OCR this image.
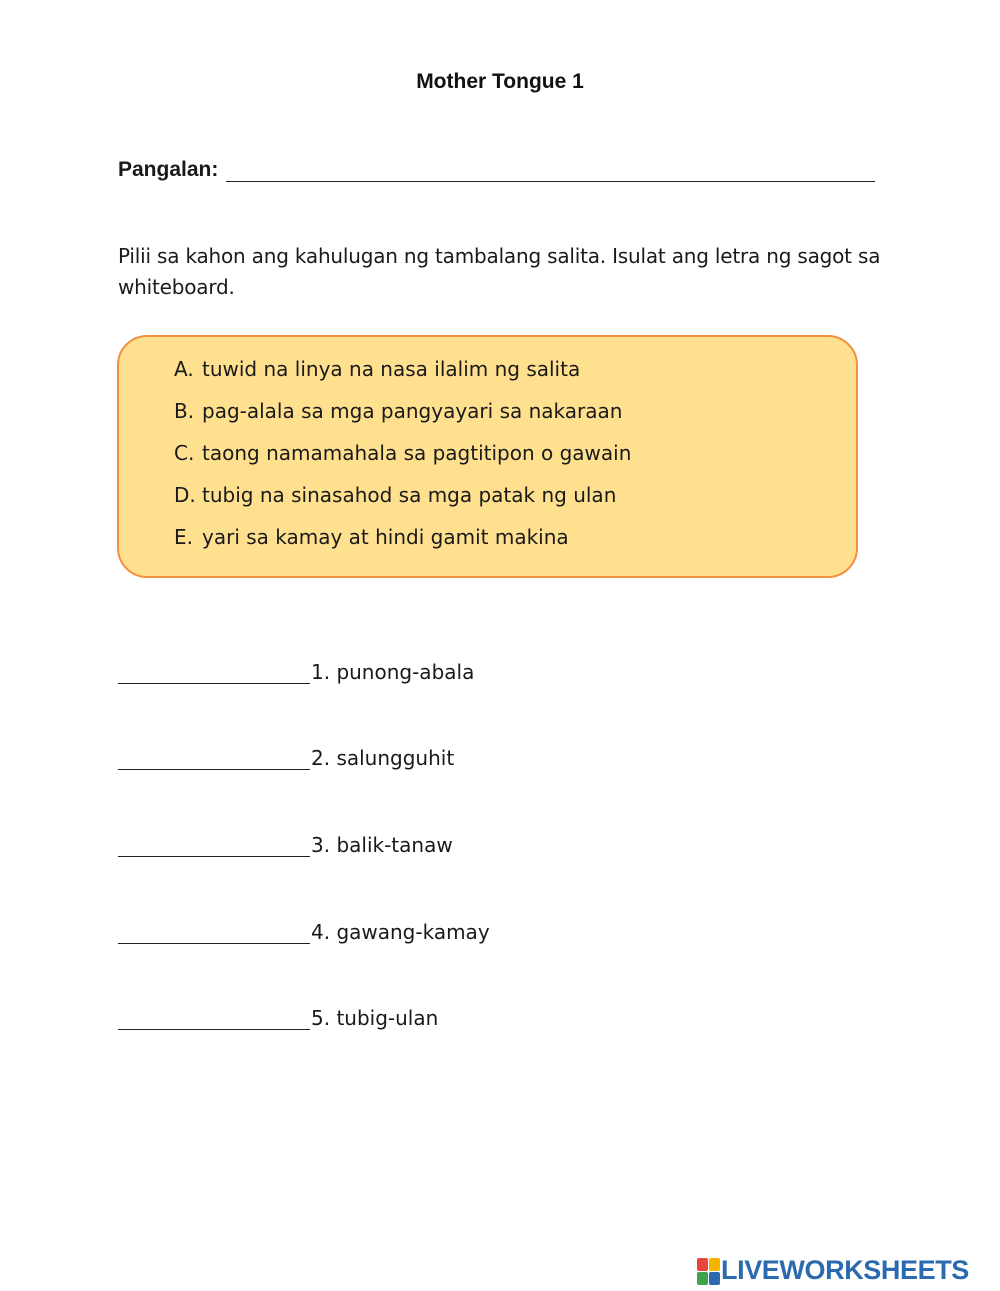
Mother Tongue 1
Pangalan:
Pilii sa kahon ang kahulugan ng tambalang salita. Isulat ang letra ng sagot sa whiteboard.
A. tuwid na linya na nasa ilalim ng salita
B. pag-alala sa mga pangyayari sa nakaraan
C. taong namamahala sa pagtitipon o gawain
D. tubig na sinasahod sa mga patak ng ulan
E. yari sa kamay at hindi gamit makina
1. punong-abala
2. salungguhit
3. balik-tanaw
4. gawang-kamay
5. tubig-ulan
LIVEWORKSHEETS
